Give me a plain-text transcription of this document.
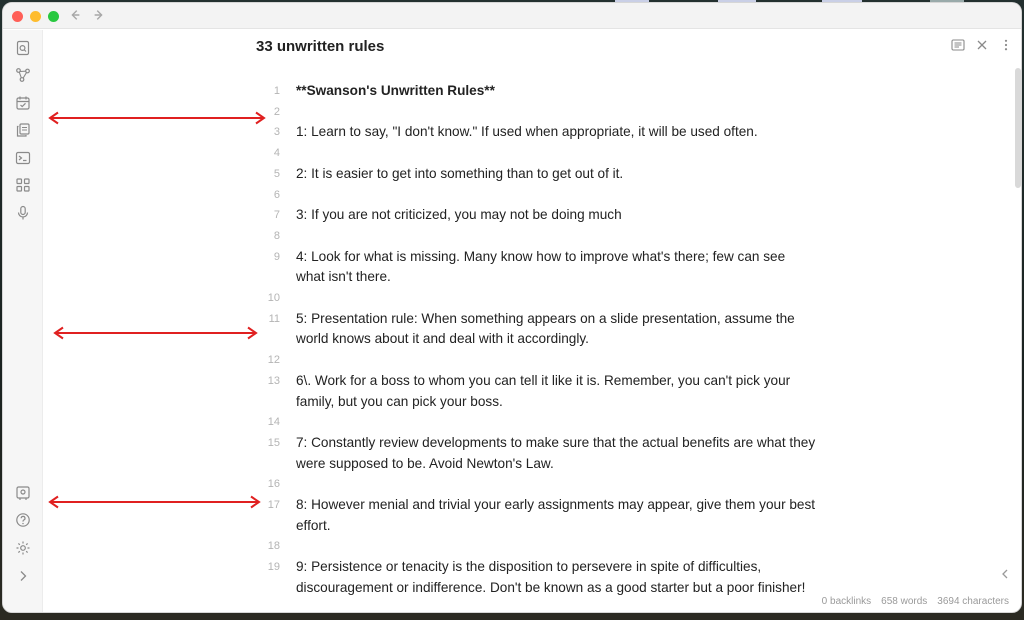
33 unwritten rules
1	**Swanson's Unwritten Rules**
2
3	1: Learn to say, "I don't know." If used when appropriate, it will be used often.
4
5	2: It is easier to get into something than to get out of it.
6
7	3: If you are not criticized, you may not be doing much
8
9	4: Look for what is missing. Many know how to improve what's there; few can see what isn't there.
10
11	5: Presentation rule: When something appears on a slide presentation, assume the world knows about it and deal with it accordingly.
12
13	6\. Work for a boss to whom you can tell it like it is. Remember, you can't pick your family, but you can pick your boss.
14
15	7: Constantly review developments to make sure that the actual benefits are what they were supposed to be. Avoid Newton's Law.
16
17	8: However menial and trivial your early assignments may appear, give them your best effort.
18
19	9: Persistence or tenacity is the disposition to persevere in spite of difficulties, discouragement or indifference. Don't be known as a good starter but a poor finisher!
0 backlinks 658 words 3694 characters
